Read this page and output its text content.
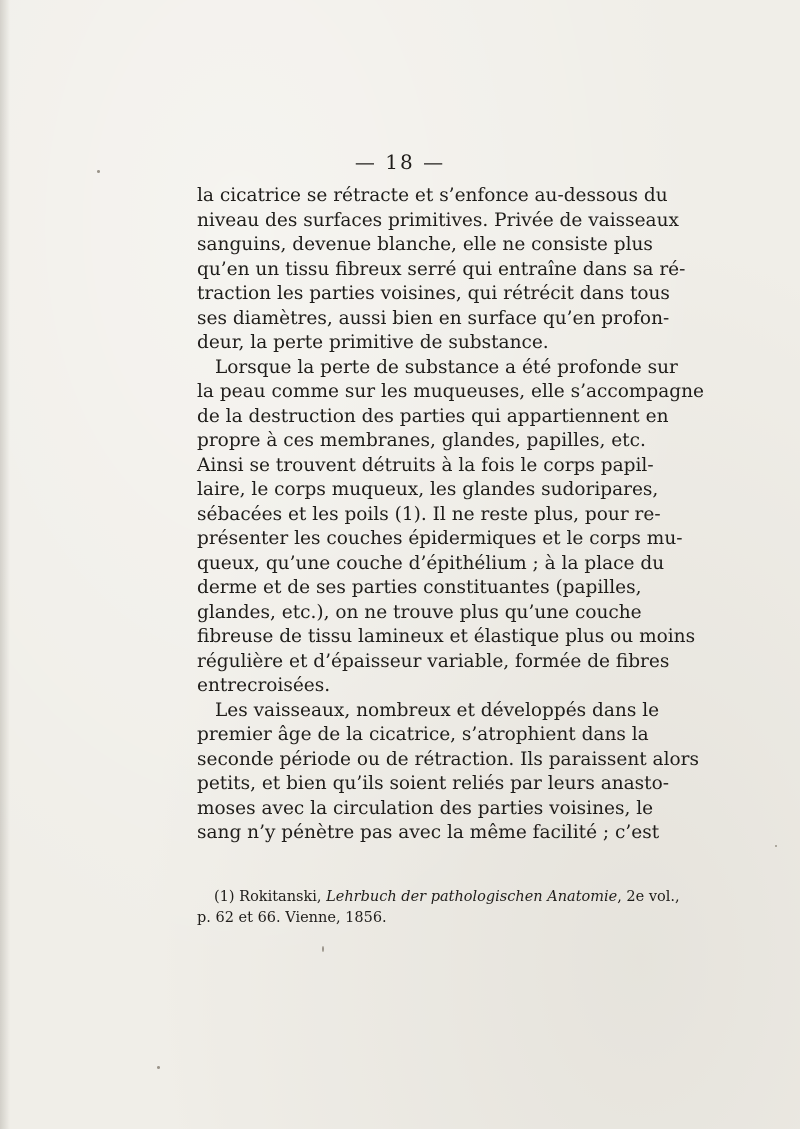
— 18 —
la cicatrice se rétracte et s’enfonce au-dessous du
niveau des surfaces primitives. Privée de vaisseaux
sanguins, devenue blanche, elle ne consiste plus
qu’en un tissu fibreux serré qui entraîne dans sa ré-
traction les parties voisines, qui rétrécit dans tous
ses diamètres, aussi bien en surface qu’en profon-
deur, la perte primitive de substance.
Lorsque la perte de substance a été profonde sur
la peau comme sur les muqueuses, elle s’accompagne
de la destruction des parties qui appartiennent en
propre à ces membranes, glandes, papilles, etc.
Ainsi se trouvent détruits à la fois le corps papil-
laire, le corps muqueux, les glandes sudoripares,
sébacées et les poils (1). Il ne reste plus, pour re-
présenter les couches épidermiques et le corps mu-
queux, qu’une couche d’épithélium ; à la place du
derme et de ses parties constituantes (papilles,
glandes, etc.), on ne trouve plus qu’une couche
fibreuse de tissu lamineux et élastique plus ou moins
régulière et d’épaisseur variable, formée de fibres
entrecroisées.
Les vaisseaux, nombreux et développés dans le
premier âge de la cicatrice, s’atrophient dans la
seconde période ou de rétraction. Ils paraissent alors
petits, et bien qu’ils soient reliés par leurs anasto-
moses avec la circulation des parties voisines, le
sang n’y pénètre pas avec la même facilité ; c’est
(1) Rokitanski, Lehrbuch der pathologischen Anatomie, 2e vol.,
p. 62 et 66. Vienne, 1856.
